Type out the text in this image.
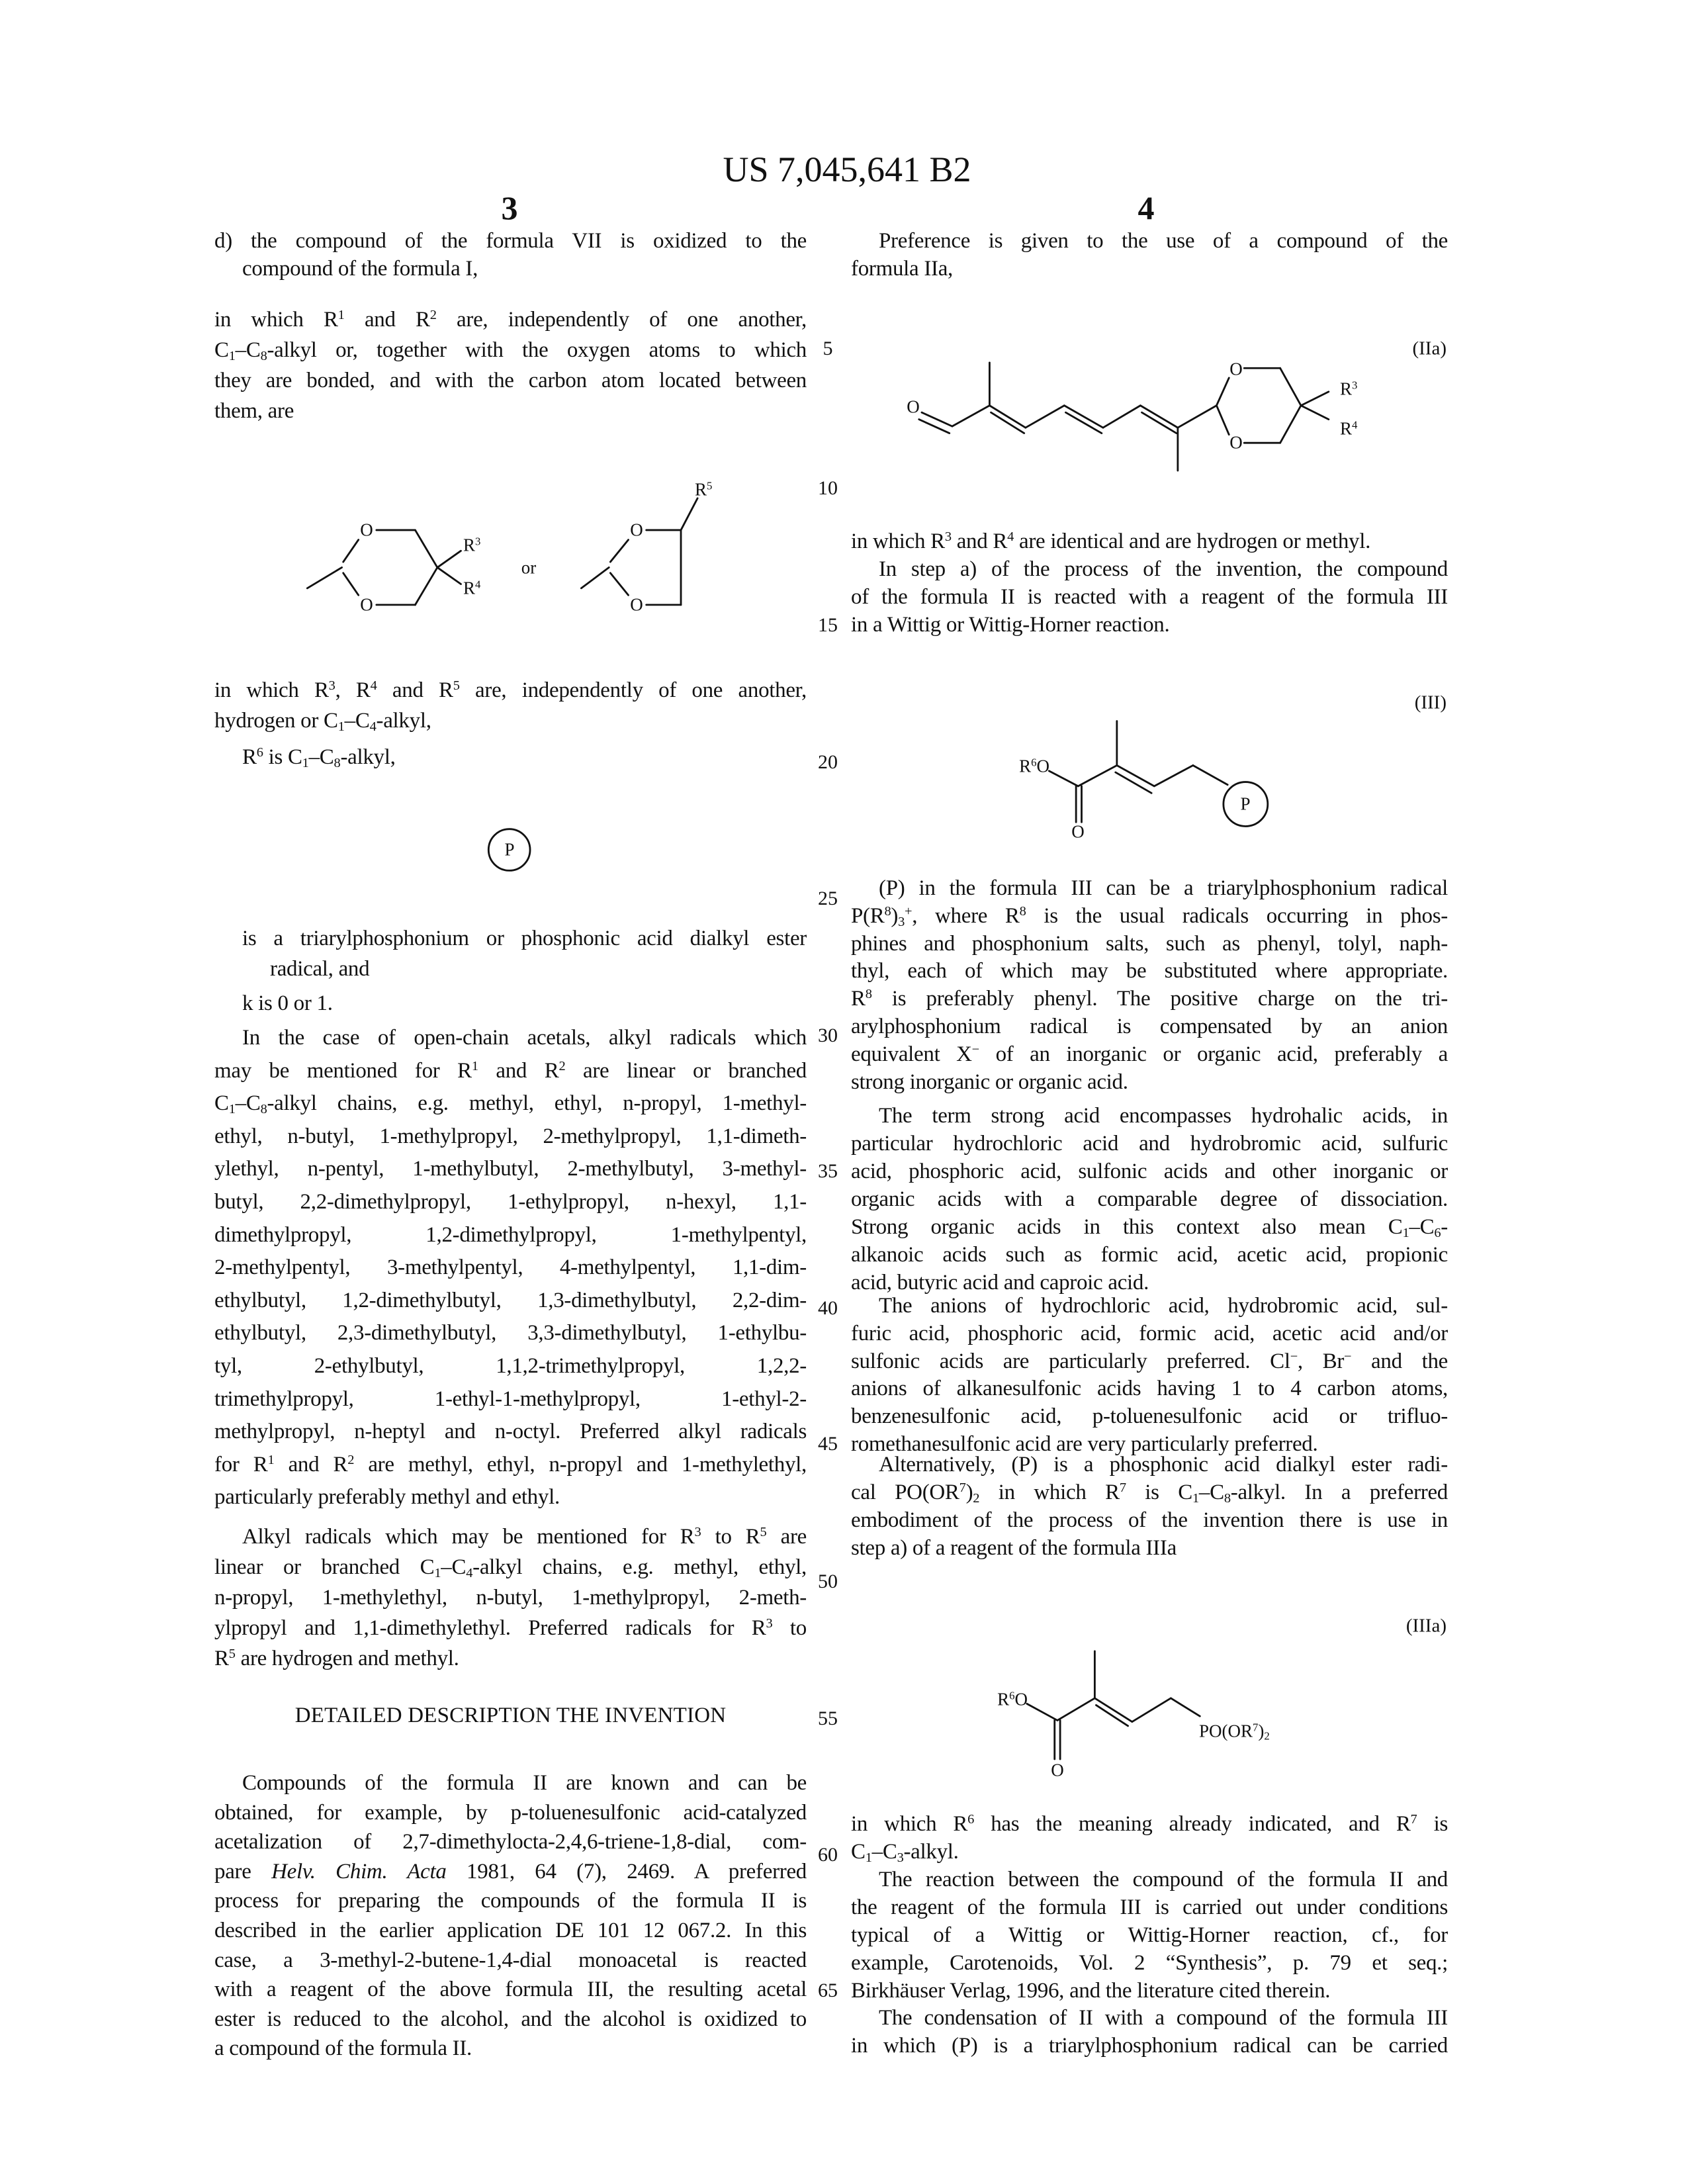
US 7,045,641 B2
3	4
5
10
15
20
25
30
35
40
45
50
55
60
65
d) the compound of the formula VII is oxidized to the
compound of the formula I,
in which R1 and R2 are, independently of one another,
C1–C8-alkyl or, together with the oxygen atoms to which
they are bonded, and with the carbon atom located between
them, are
in which R3, R4 and R5 are, independently of one another,
hydrogen or C1–C4-alkyl,
R6 is C1–C8-alkyl,
is a triarylphosphonium or phosphonic acid dialkyl ester
radical, and
k is 0 or 1.
In the case of open-chain acetals, alkyl radicals which
may be mentioned for R1 and R2 are linear or branched
C1–C8-alkyl chains, e.g. methyl, ethyl, n-propyl, 1-methyl-
ethyl, n-butyl, 1-methylpropyl, 2-methylpropyl, 1,1-dimeth-
ylethyl, n-pentyl, 1-methylbutyl, 2-methylbutyl, 3-methyl-
butyl, 2,2-dimethylpropyl, 1-ethylpropyl, n-hexyl, 1,1-
dimethylpropyl, 1,2-dimethylpropyl, 1-methylpentyl,
2-methylpentyl, 3-methylpentyl, 4-methylpentyl, 1,1-dim-
ethylbutyl, 1,2-dimethylbutyl, 1,3-dimethylbutyl, 2,2-dim-
ethylbutyl, 2,3-dimethylbutyl, 3,3-dimethylbutyl, 1-ethylbu-
tyl, 2-ethylbutyl, 1,1,2-trimethylpropyl, 1,2,2-
trimethylpropyl, 1-ethyl-1-methylpropyl, 1-ethyl-2-
methylpropyl, n-heptyl and n-octyl. Preferred alkyl radicals
for R1 and R2 are methyl, ethyl, n-propyl and 1-methylethyl,
particularly preferably methyl and ethyl.
Alkyl radicals which may be mentioned for R3 to R5 are
linear or branched C1–C4-alkyl chains, e.g. methyl, ethyl,
n-propyl, 1-methylethyl, n-butyl, 1-methylpropyl, 2-meth-
ylpropyl and 1,1-dimethylethyl. Preferred radicals for R3 to
R5 are hydrogen and methyl.
DETAILED DESCRIPTION THE INVENTION
Compounds of the formula II are known and can be
obtained, for example, by p-toluenesulfonic acid-catalyzed
acetalization of 2,7-dimethylocta-2,4,6-triene-1,8-dial, com-
pare Helv. Chim. Acta 1981, 64 (7), 2469. A preferred
process for preparing the compounds of the formula II is
described in the earlier application DE 101 12 067.2. In this
case, a 3-methyl-2-butene-1,4-dial monoacetal is reacted
with a reagent of the above formula III, the resulting acetal
ester is reduced to the alcohol, and the alcohol is oxidized to
a compound of the formula II.
Preference is given to the use of a compound of the
formula IIa,
in which R3 and R4 are identical and are hydrogen or methyl.
In step a) of the process of the invention, the compound
of the formula II is reacted with a reagent of the formula III
in a Wittig or Wittig-Horner reaction.
(P) in the formula III can be a triarylphosphonium radical
P(R8)3+, where R8 is the usual radicals occurring in phos-
phines and phosphonium salts, such as phenyl, tolyl, naph-
thyl, each of which may be substituted where appropriate.
R8 is preferably phenyl. The positive charge on the tri-
arylphosphonium radical is compensated by an anion
equivalent X− of an inorganic or organic acid, preferably a
strong inorganic or organic acid.
The term strong acid encompasses hydrohalic acids, in
particular hydrochloric acid and hydrobromic acid, sulfuric
acid, phosphoric acid, sulfonic acids and other inorganic or
organic acids with a comparable degree of dissociation.
Strong organic acids in this context also mean C1–C6-
alkanoic acids such as formic acid, acetic acid, propionic
acid, butyric acid and caproic acid.
The anions of hydrochloric acid, hydrobromic acid, sul-
furic acid, phosphoric acid, formic acid, acetic acid and/or
sulfonic acids are particularly preferred. Cl−, Br− and the
anions of alkanesulfonic acids having 1 to 4 carbon atoms,
benzenesulfonic acid, p-toluenesulfonic acid or trifluo-
romethanesulfonic acid are very particularly preferred.
Alternatively, (P) is a phosphonic acid dialkyl ester radi-
cal PO(OR7)2 in which R7 is C1–C8-alkyl. In a preferred
embodiment of the process of the invention there is use in
step a) of a reagent of the formula IIIa
in which R6 has the meaning already indicated, and R7 is
C1–C3-alkyl.
The reaction between the compound of the formula II and
the reagent of the formula III is carried out under conditions
typical of a Wittig or Wittig-Horner reaction, cf., for
example, Carotenoids, Vol. 2 “Synthesis”, p. 79 et seq.;
Birkhäuser Verlag, 1996, and the literature cited therein.
The condensation of II with a compound of the formula III
in which (P) is a triarylphosphonium radical can be carried
O
O
R3
R4
or
O
O
R5
P
(IIa)
O
O
O
R3
R4
(III)
R6O
O
P
(IIIa)
R6O
O
PO(OR7)2
